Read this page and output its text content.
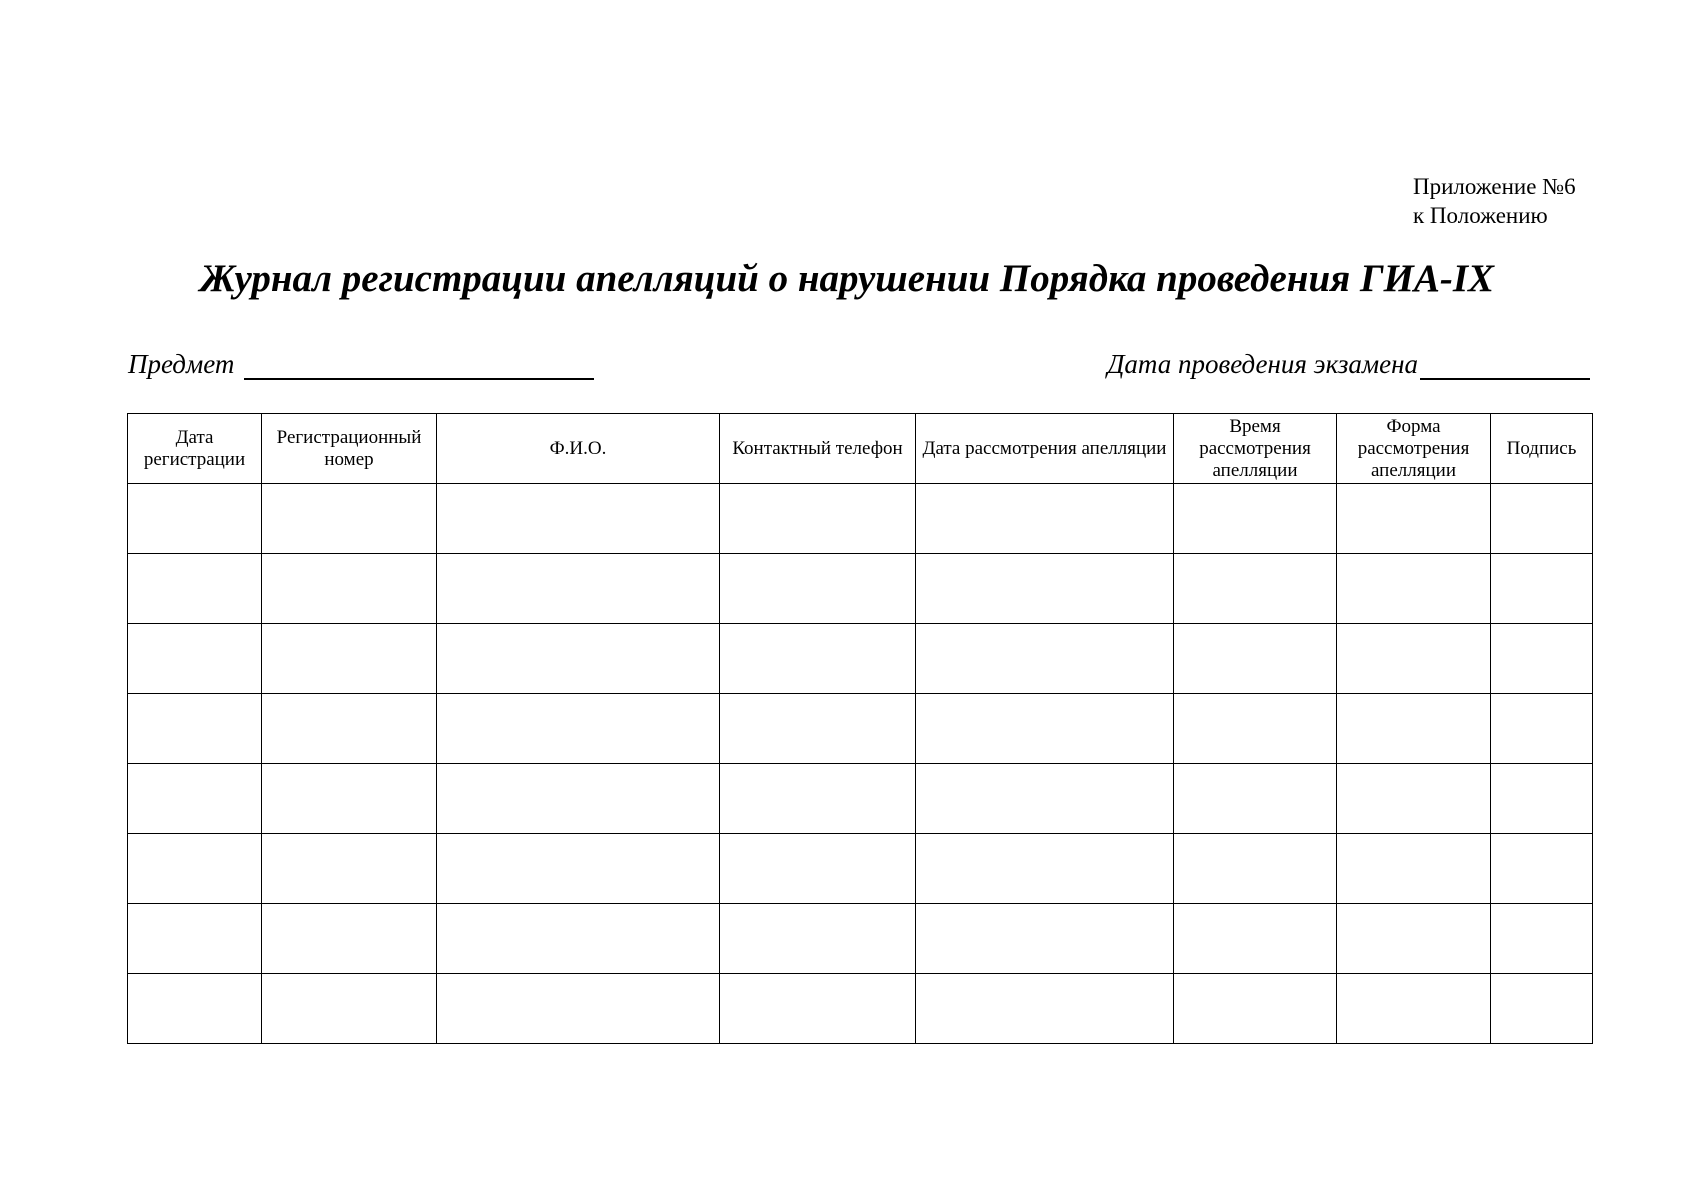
Приложение №6
к Положению
Журнал регистрации апелляций о нарушении Порядка проведения ГИА-IX
Предмет	Дата проведения экзамена
Дата регистрации	Регистрационный номер	Ф.И.О.	Контактный телефон	Дата рассмотрения апелляции	Время рассмотрения апелляции	Форма рассмотрения апелляции	Подпись
